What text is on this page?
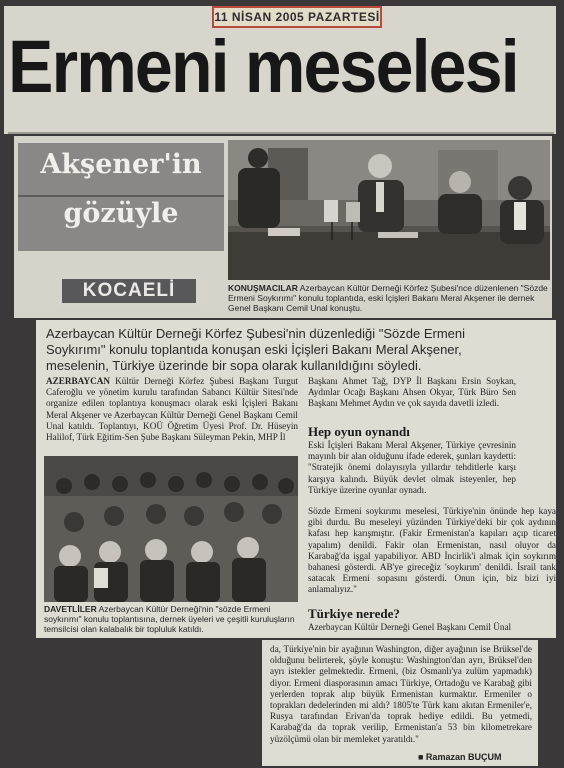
11 NİSAN 2005 PAZARTESİ
Ermeni meselesi
Akşener'in
gözüyle
KONUŞMACILAR Azerbaycan Kültür Derneği Körfez Şubesi'nce düzenlenen "Sözde Ermeni Soykırımı" konulu toplantıda, eski İçişleri Bakanı Meral Akşener ile dernek Genel Başkanı Cemil Unal konuştu.
KOCAELİ
Azerbaycan Kültür Derneği Körfez Şubesi'nin düzenlediği "Sözde Ermeni Soykırımı" konulu toplantıda konuşan eski İçişleri Bakanı Meral Akşener, meselenin, Türkiye üzerinde bir sopa olarak kullanıldığını söyledi.
AZERBAYCAN Kültür Derneği Körfez Şubesi Başkanı Turgut Caferoğlu ve yönetim kurulu tarafından Sabancı Kültür Sitesi'nde organize edilen toplantıya konuşmacı olarak eski İçişleri Bakanı Meral Akşener ve Azerbaycan Kültür Derneği Genel Başkanı Cemil Unal katıldı. Toplantıyı, KOÜ Öğretim Üyesi Prof. Dr. Hüseyin Halilof, Türk Eğitim-Sen Şube Başkanı Süleyman Pekin, MHP İl
DAVETLİLER Azerbaycan Kültür Derneği'nin "sözde Ermeni soykırımı" konulu toplantısına, dernek üyeleri ve çeşitli kuruluşların temsilcisi olan kalabalık bir topluluk katıldı.
Başkanı Ahmet Tağ, DYP İl Başkanı Ersin Soykan, Aydınlar Ocağı Başkanı Ahsen Okyar, Türk Büro Sen Başkanı Mehmet Aydın ve çok sayıda davetli izledi.
Hep oyun oynandı
Eski İçişleri Bakanı Meral Akşener, Türkiye çevresinin mayınlı bir alan olduğunu ifade ederek, şunları kaydetti: "Stratejik önemi dolayısıyla yıllardır tehditlerle karşı karşıya kalındı. Büyük devlet olmak isteyenler, hep Türkiye üzerine oyunlar oynadı.
Sözde Ermeni soykırımı meselesi, Türkiye'nin önünde hep kaya gibi durdu. Bu meseleyi yüzünden Türkiye'deki bir çok aydının kafası hep karışmıştır. (Fakir Ermenistan'a kapıları açıp ticaret yapalım) denildi. Fakir olan Ermenistan, nasıl oluyor da Karabağ'da işgal yapabiliyor. ABD İncirlik'i almak için soykırım bahanesi gösterdi. AB'ye gireceğiz 'soykırım' denildi. İsrail tank satacak Ermeni sopasını gösterdi. Onun için, biz bizi iyi anlamalıyız."
Türkiye nerede?
Azerbaycan Kültür Derneği Genel Başkanı Cemil Ünal
da, Türkiye'nin bir ayağının Washington, diğer ayağının ise Brüksel'de olduğunu belirterek, şöyle konuştu: Washington'dan ayrı, Brüksel'den ayrı istekler gelmektedir. Ermeni, (biz Osmanlı'ya zulüm yapmadık) diyor. Ermeni diasporasının amacı Türkiye, Ortadoğu ve Karabağ gibi yerlerden toprak alıp büyük Ermenistan kurmaktır. Ermeniler o toprakları dedelerinden mi aldı? 1805'te Türk kanı akıtan Ermeniler'e, Rusya tarafından Erivan'da toprak hediye edildi. Bu yetmedi, Karabağ'da da toprak verilip, Ermenistan'a 53 bin kilometrekare yüzölçümü olan bir memleket yaratıldı."
■ Ramazan BUÇUM
